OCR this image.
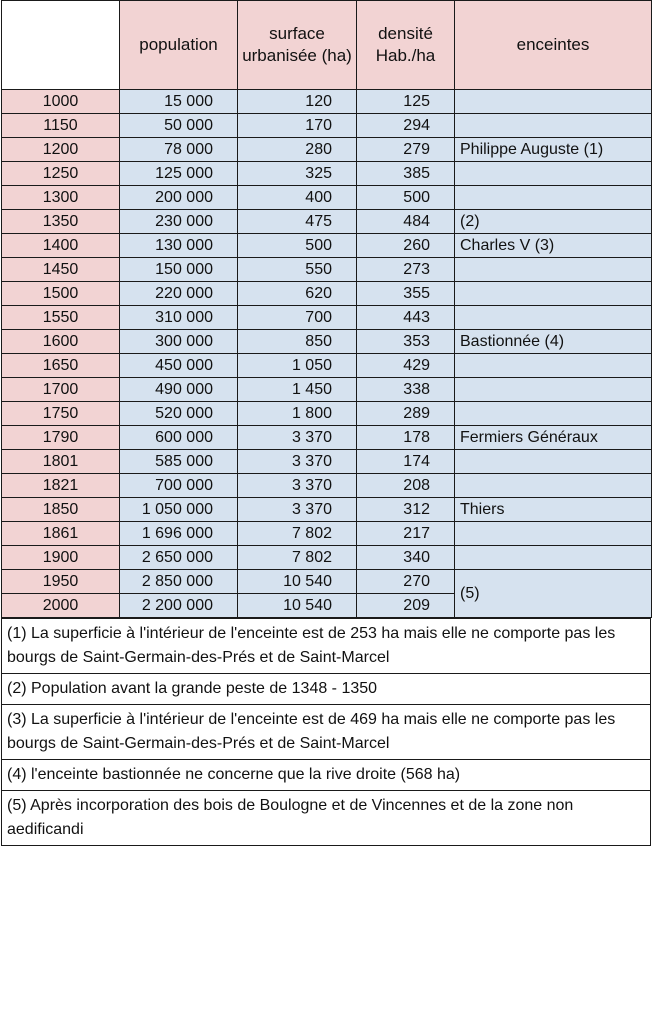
	population	surface urbanisée (ha)	densité Hab./ha	enceintes
1000	15 000	120	125	
1150	50 000	170	294	
1200	78 000	280	279	Philippe Auguste (1)
1250	125 000	325	385	
1300	200 000	400	500	
1350	230 000	475	484	(2)
1400	130 000	500	260	Charles V (3)
1450	150 000	550	273	
1500	220 000	620	355	
1550	310 000	700	443	
1600	300 000	850	353	Bastionnée (4)
1650	450 000	1 050	429	
1700	490 000	1 450	338	
1750	520 000	1 800	289	
1790	600 000	3 370	178	Fermiers Généraux
1801	585 000	3 370	174	
1821	700 000	3 370	208	
1850	1 050 000	3 370	312	Thiers
1861	1 696 000	7 802	217	
1900	2 650 000	7 802	340	
1950	2 850 000	10 540	270	(5)
2000	2 200 000	10 540	209	
(1) La superficie à l'intérieur de l'enceinte est de 253 ha mais elle ne comporte pas les bourgs de Saint-Germain-des-Prés et de Saint-Marcel
(2) Population avant la grande peste de 1348 - 1350
(3) La superficie à l'intérieur de l'enceinte est de 469 ha mais elle ne comporte pas les bourgs de Saint-Germain-des-Prés et de Saint-Marcel
(4) l'enceinte bastionnée ne concerne que la rive droite (568 ha)
(5) Après incorporation des bois de Boulogne et de Vincennes et de la zone non aedificandi
